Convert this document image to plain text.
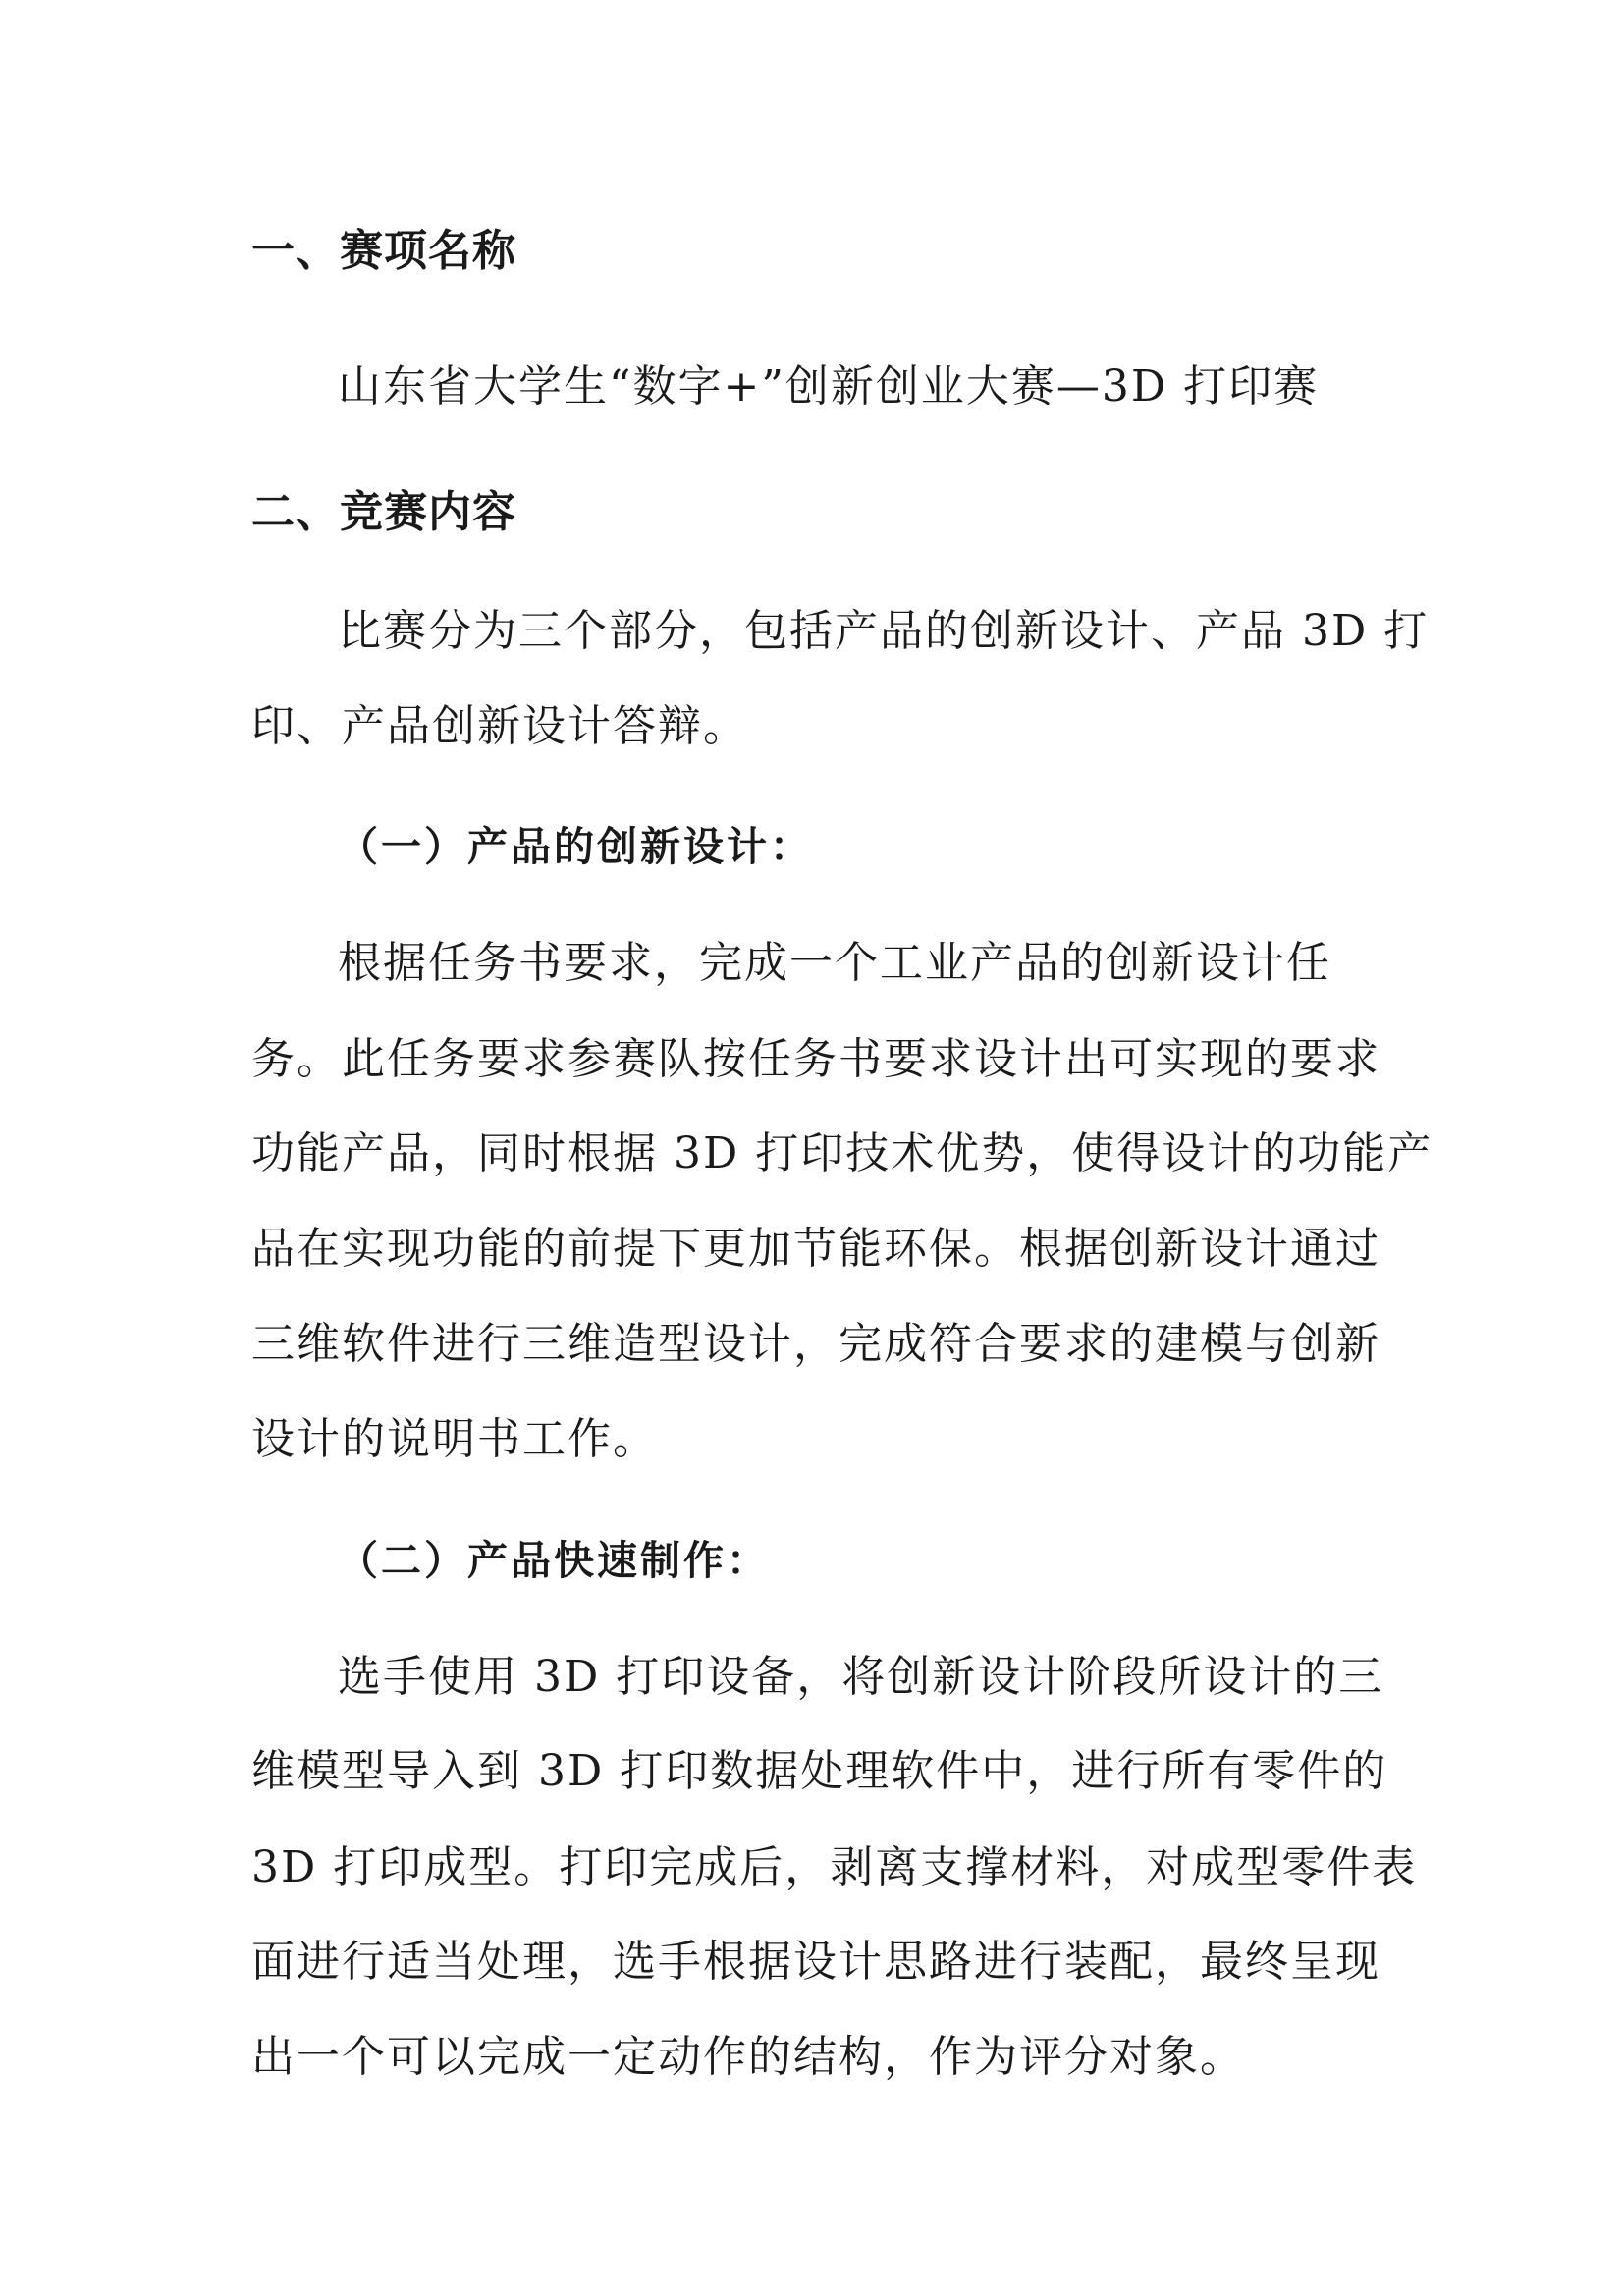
一、赛项名称
山东省大学生“数字+”创新创业大赛—3D 打印赛
二、竞赛内容
比赛分为三个部分，包括产品的创新设计、产品 3D 打
印、产品创新设计答辩。
（一）产品的创新设计：
根据任务书要求，完成一个工业产品的创新设计任
务。此任务要求参赛队按任务书要求设计出可实现的要求
功能产品，同时根据 3D 打印技术优势，使得设计的功能产
品在实现功能的前提下更加节能环保。根据创新设计通过
三维软件进行三维造型设计，完成符合要求的建模与创新
设计的说明书工作。
（二）产品快速制作：
选手使用 3D 打印设备，将创新设计阶段所设计的三
维模型导入到 3D 打印数据处理软件中，进行所有零件的
3D 打印成型。打印完成后，剥离支撑材料，对成型零件表
面进行适当处理，选手根据设计思路进行装配，最终呈现
出一个可以完成一定动作的结构，作为评分对象。
